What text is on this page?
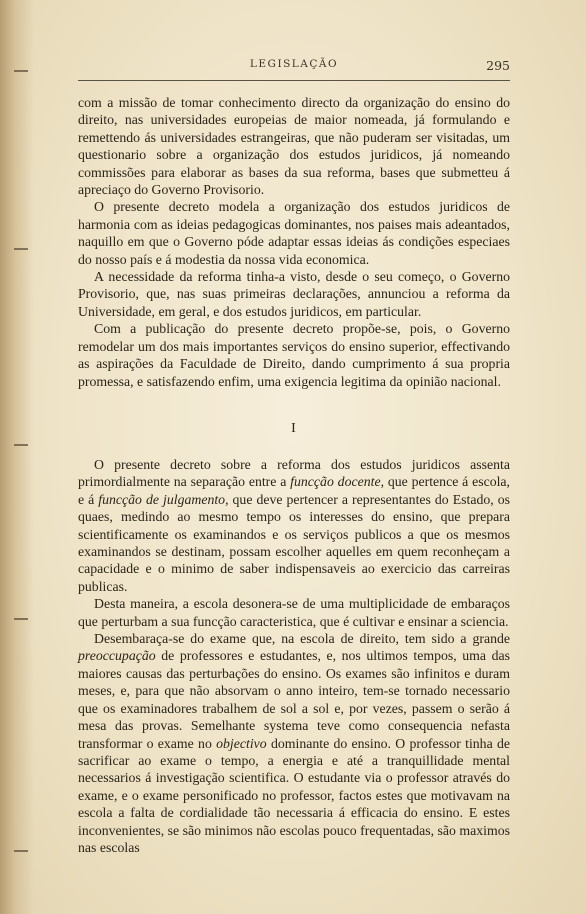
LEGISLAÇÃO	295

com a missão de tomar conhecimento directo da organização do ensino do direito, nas universidades europeias de maior nomeada, já formulando e remettendo ás universidades estrangeiras, que não puderam ser visitadas, um questionario sobre a organização dos estudos juridicos, já nomeando commissões para elaborar as bases da sua reforma, bases que submetteu á apreciaço do Governo Provisorio.

O presente decreto modela a organização dos estudos juridicos de harmonia com as ideias pedagogicas dominantes, nos paises mais adeantados, naquillo em que o Governo póde adaptar essas ideias ás condições especiaes do nosso país e á modestia da nossa vida economica.

A necessidade da reforma tinha-a visto, desde o seu começo, o Governo Provisorio, que, nas suas primeiras declarações, annunciou a reforma da Universidade, em geral, e dos estudos juridicos, em particular.

Com a publicação do presente decreto propõe-se, pois, o Governo remodelar um dos mais importantes serviços do ensino superior, effectivando as aspirações da Faculdade de Direito, dando cumprimento á sua propria promessa, e satisfazendo enfim, uma exigencia legitima da opinião nacional.

I

O presente decreto sobre a reforma dos estudos juridicos assenta primordialmente na separação entre a funcção docente, que pertence á escola, e á funcção de julgamento, que deve pertencer a representantes do Estado, os quaes, medindo ao mesmo tempo os interesses do ensino, que prepara scientificamente os examinandos e os serviços publicos a que os mesmos examinandos se destinam, possam escolher aquelles em quem reconheçam a capacidade e o minimo de saber indispensaveis ao exercicio das carreiras publicas.

Desta maneira, a escola desonera-se de uma multiplicidade de embaraços que perturbam a sua funcção caracteristica, que é cultivar e ensinar a sciencia.

Desembaraça-se do exame que, na escola de direito, tem sido a grande preoccupação de professores e estudantes, e, nos ultimos tempos, uma das maiores causas das perturbações do ensino. Os exames são infinitos e duram meses, e, para que não absorvam o anno inteiro, tem-se tornado necessario que os examinadores trabalhem de sol a sol e, por vezes, passem o serão á mesa das provas. Semelhante systema teve como consequencia nefasta transformar o exame no objectivo dominante do ensino. O professor tinha de sacrificar ao exame o tempo, a energia e até a tranquillidade mental necessarios á investigação scientifica. O estudante via o professor através do exame, e o exame personificado no professor, factos estes que motivavam na escola a falta de cordialidade tão necessaria á efficacia do ensino. E estes inconvenientes, se são minimos não escolas pouco frequentadas, são maximos nas escolas
